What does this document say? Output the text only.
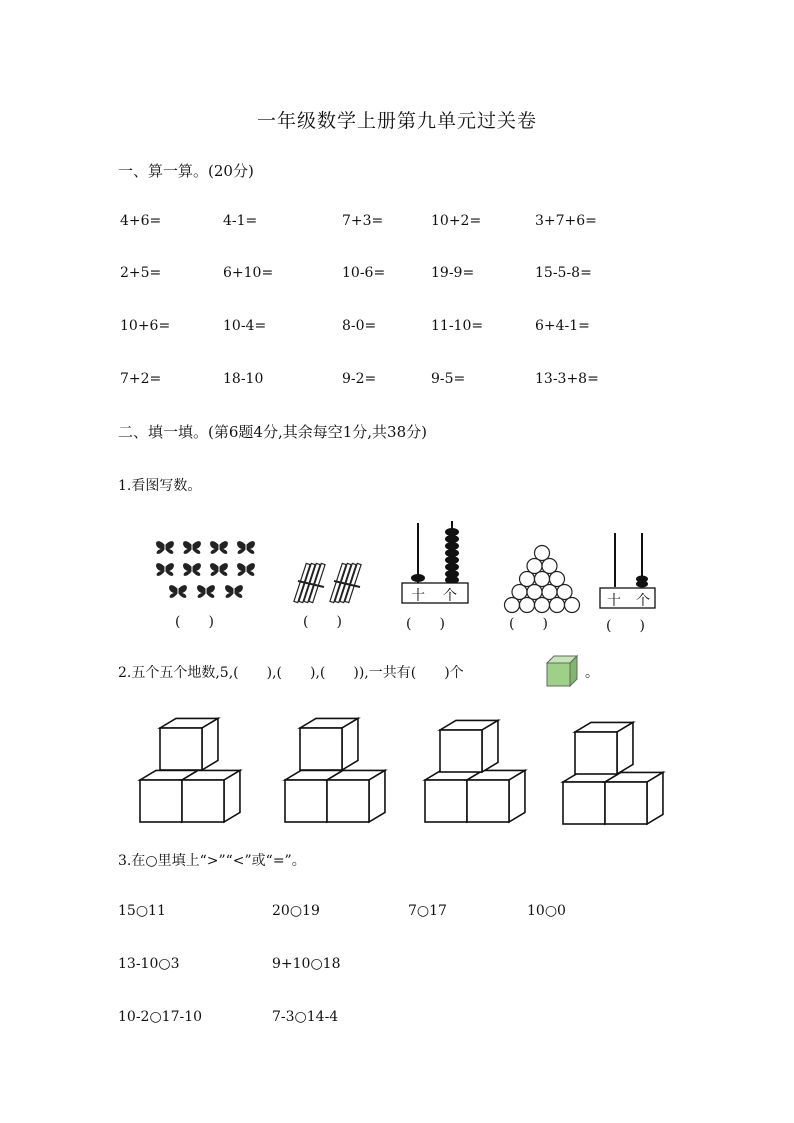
一年级数学上册第九单元过关卷
一、算一算。(20分)
4+6=	4-1=	7+3=	10+2=	3+7+6=
2+5=	6+10=	10-6=	19-9=	15-5-8=
10+6=	10-4=	8-0=	11-10=	6+4-1=
7+2=	18-10	9-2=	9-5=	13-3+8=
二、填一填。(第6题4分,其余每空1分,共38分)
1.看图写数。
十 个	十 个
(　　)	(　　)	(　　)	(　　)	(　　)
2.五个五个地数,5,(　　),(　　),(　　)),一共有(　　)个	。
3.在○里填上“>”“<”或“=”。
15○11	20○19	7○17	10○0
13-10○3	9+10○18
10-2○17-10	7-3○14-4
